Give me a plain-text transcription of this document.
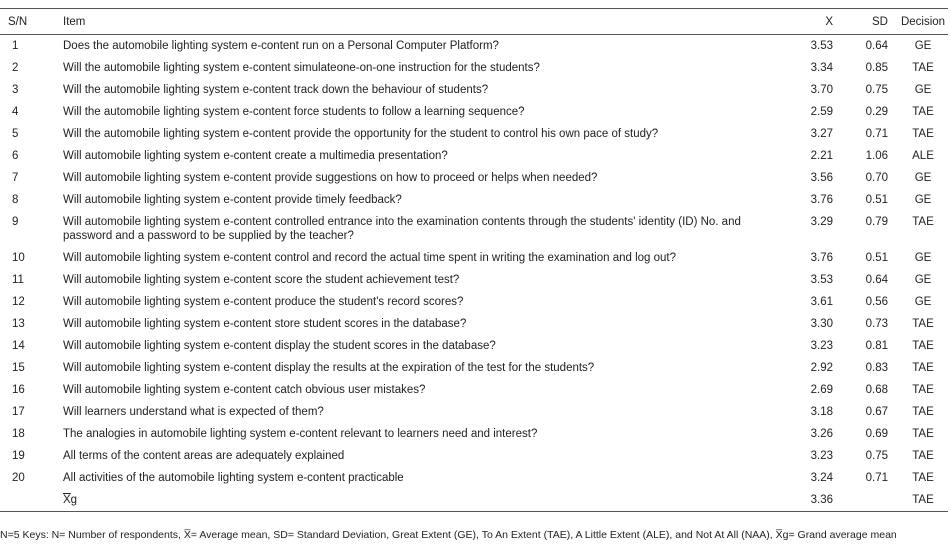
S/N	Item	X	SD	Decision
1	Does the automobile lighting system e-content run on a Personal Computer Platform?	3.53	0.64	GE
2	Will the automobile lighting system e-content simulateone-on-one instruction for the students?	3.34	0.85	TAE
3	Will the automobile lighting system e-content track down the behaviour of students?	3.70	0.75	GE
4	Will the automobile lighting system e-content force students to follow a learning sequence?	2.59	0.29	TAE
5	Will the automobile lighting system e-content provide the opportunity for the student to control his own pace of study?	3.27	0.71	TAE
6	Will automobile lighting system e-content create a multimedia presentation?	2.21	1.06	ALE
7	Will automobile lighting system e-content provide suggestions on how to proceed or helps when needed?	3.56	0.70	GE
8	Will automobile lighting system e-content provide timely feedback?	3.76	0.51	GE
9	Will automobile lighting system e-content controlled entrance into the examination contents through the students' identity (ID) No. and password and a password to be supplied by the teacher?	3.29	0.79	TAE
10	Will automobile lighting system e-content control and record the actual time spent in writing the examination and log out?	3.76	0.51	GE
11	Will automobile lighting system e-content score the student achievement test?	3.53	0.64	GE
12	Will automobile lighting system e-content produce the student's record scores?	3.61	0.56	GE
13	Will automobile lighting system e-content store student scores in the database?	3.30	0.73	TAE
14	Will automobile lighting system e-content display the student scores in the database?	3.23	0.81	TAE
15	Will automobile lighting system e-content display the results at the expiration of the test for the students?	2.92	0.83	TAE
16	Will automobile lighting system e-content catch obvious user mistakes?	2.69	0.68	TAE
17	Will learners understand what is expected of them?	3.18	0.67	TAE
18	The analogies in automobile lighting system e-content relevant to learners need and interest?	3.26	0.69	TAE
19	All terms of the content areas are adequately explained	3.23	0.75	TAE
20	All activities of the automobile lighting system e-content practicable	3.24	0.71	TAE
	$\overline{X}g$	3.36		TAE
N=5 Keys: N= Number of respondents, X̅= Average mean, SD= Standard Deviation, Great Extent (GE), To An Extent (TAE), A Little Extent (ALE), and Not At All (NAA), X̅g= Grand average mean
